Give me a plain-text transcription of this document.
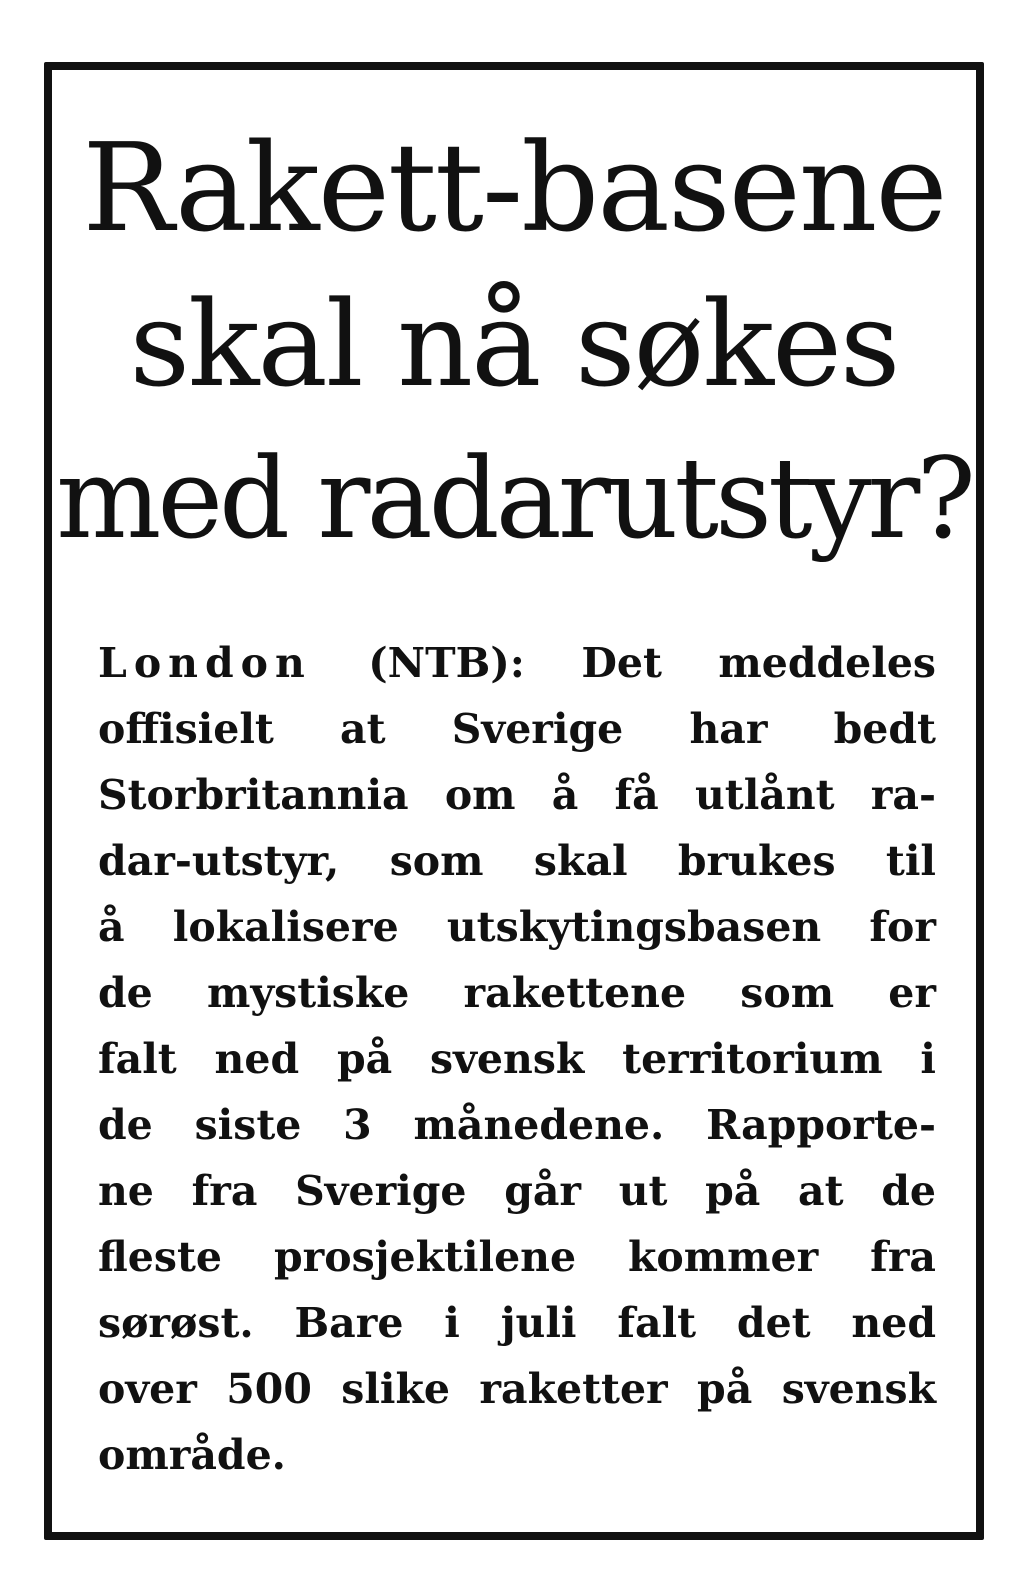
Rakett-basene
skal nå søkes
med radarutstyr?
London (NTB): Det meddeles
offisielt at Sverige har bedt
Storbritannia om å få utlånt ra-
dar-utstyr, som skal brukes til
å lokalisere utskytingsbasen for
de mystiske rakettene som er
falt ned på svensk territorium i
de siste 3 månedene. Rapporte-
ne fra Sverige går ut på at de
fleste prosjektilene kommer fra
sørøst. Bare i juli falt det ned
over 500 slike raketter på svensk
område.
